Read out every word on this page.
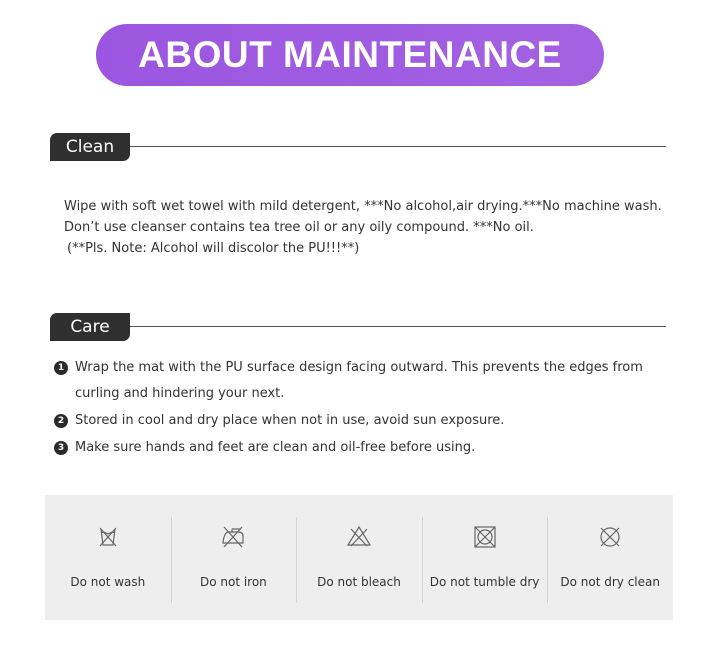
ABOUT MAINTENANCE
Clean

Wipe with soft wet towel with mild detergent, ***No alcohol,air drying.***No machine wash.

Don’t use cleanser contains tea tree oil or any oily compound. ***No oil.

(**Pls. Note: Alcohol will discolor the PU!!!**)

Care
1 Wrap the mat with the PU surface design facing outward. This prevents the edges from curling and hindering your next.
2 Stored in cool and dry place when not in use, avoid sun exposure.
3 Make sure hands and feet are clean and oil-free before using.
Do not wash	Do not iron	Do not bleach Do not tumble dry Do not dry clean
